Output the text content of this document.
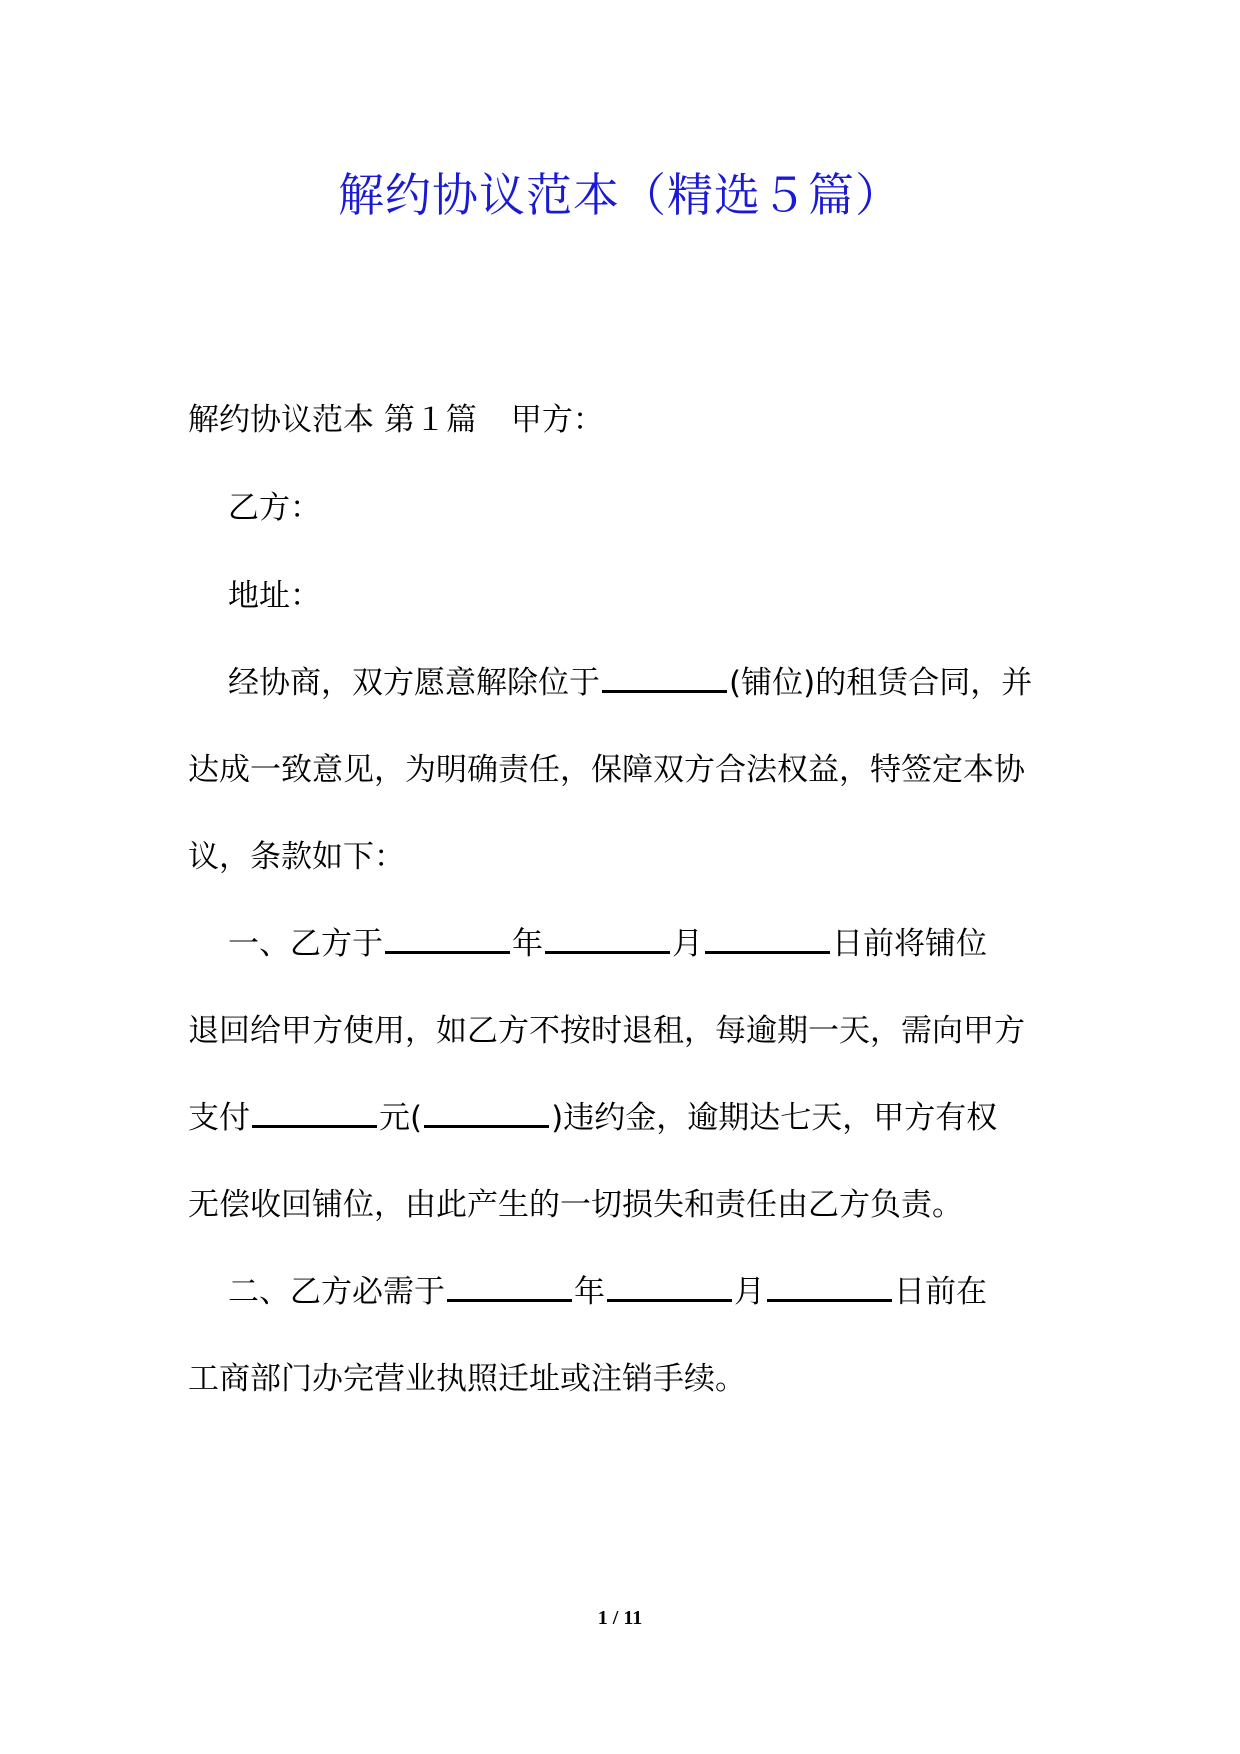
解约协议范本（精选５篇）
解约协议范本 第１篇 甲方：
乙方：
地址：
经协商，双方愿意解除位于	(铺位)的租赁合同，并
达成一致意见，为明确责任，保障双方合法权益，特签定本协
议，条款如下：
一、乙方于	年	月	日前将铺位
退回给甲方使用，如乙方不按时退租，每逾期一天，需向甲方
支付	元(	)违约金，逾期达七天，甲方有权
无偿收回铺位，由此产生的一切损失和责任由乙方负责。
二、乙方必需于	年	月	日前在
工商部门办完营业执照迁址或注销手续。
1 / 11
